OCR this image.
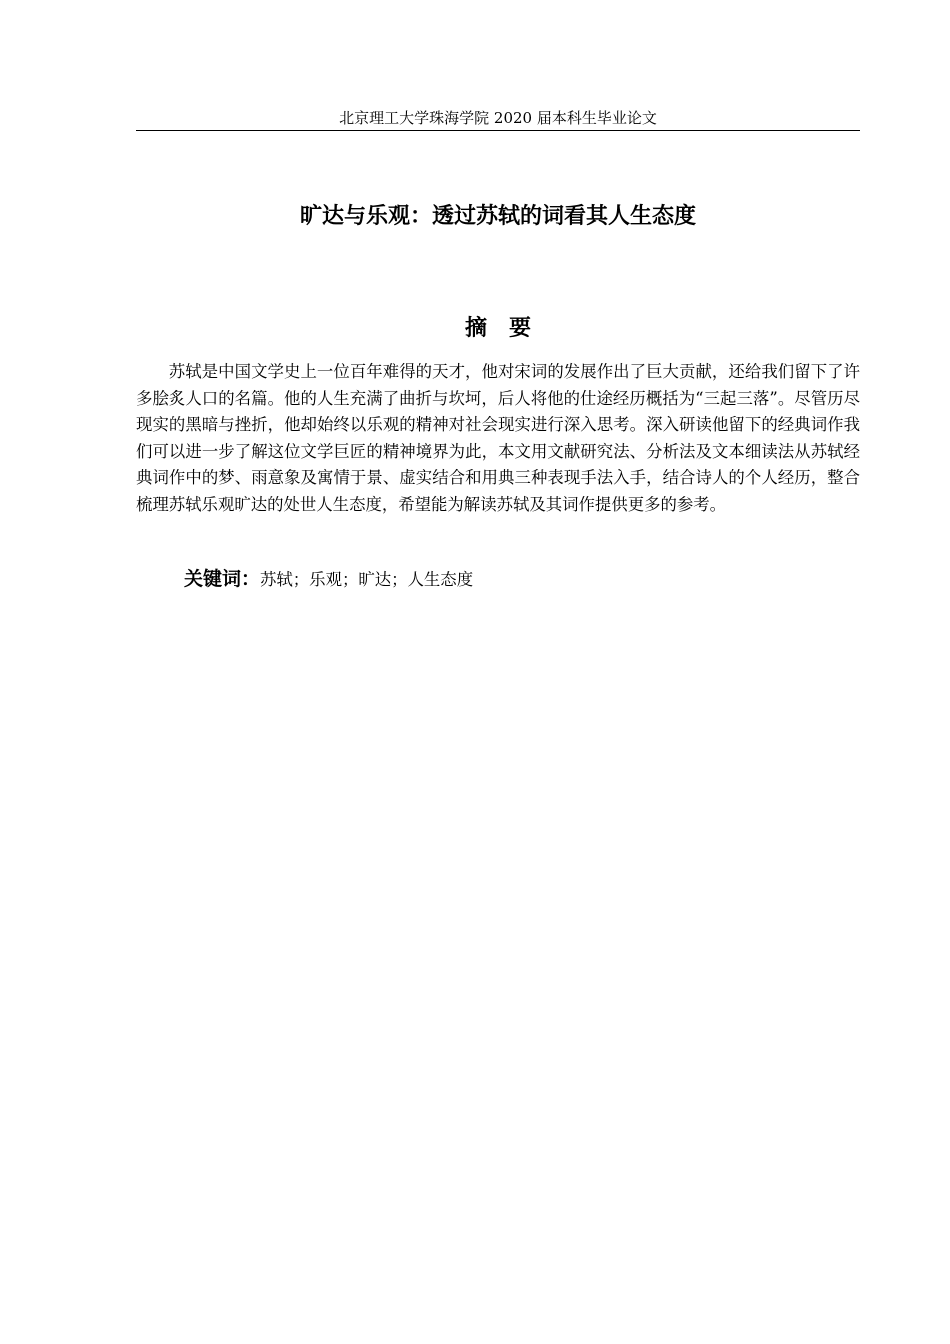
北京理工大学珠海学院 2020 届本科生毕业论文
旷达与乐观：透过苏轼的词看其人生态度
摘要
苏轼是中国文学史上一位百年难得的天才，他对宋词的发展作出了巨大贡献，还给我们留下了许多脍炙人口的名篇。他的人生充满了曲折与坎坷，后人将他的仕途经历概括为“三起三落”。尽管历尽现实的黑暗与挫折，他却始终以乐观的精神对社会现实进行深入思考。深入研读他留下的经典词作我们可以进一步了解这位文学巨匠的精神境界为此，本文用文献研究法、分析法及文本细读法从苏轼经典词作中的梦、雨意象及寓情于景、虚实结合和用典三种表现手法入手，结合诗人的个人经历，整合梳理苏轼乐观旷达的处世人生态度，希望能为解读苏轼及其词作提供更多的参考。
关键词：苏轼；乐观；旷达；人生态度
